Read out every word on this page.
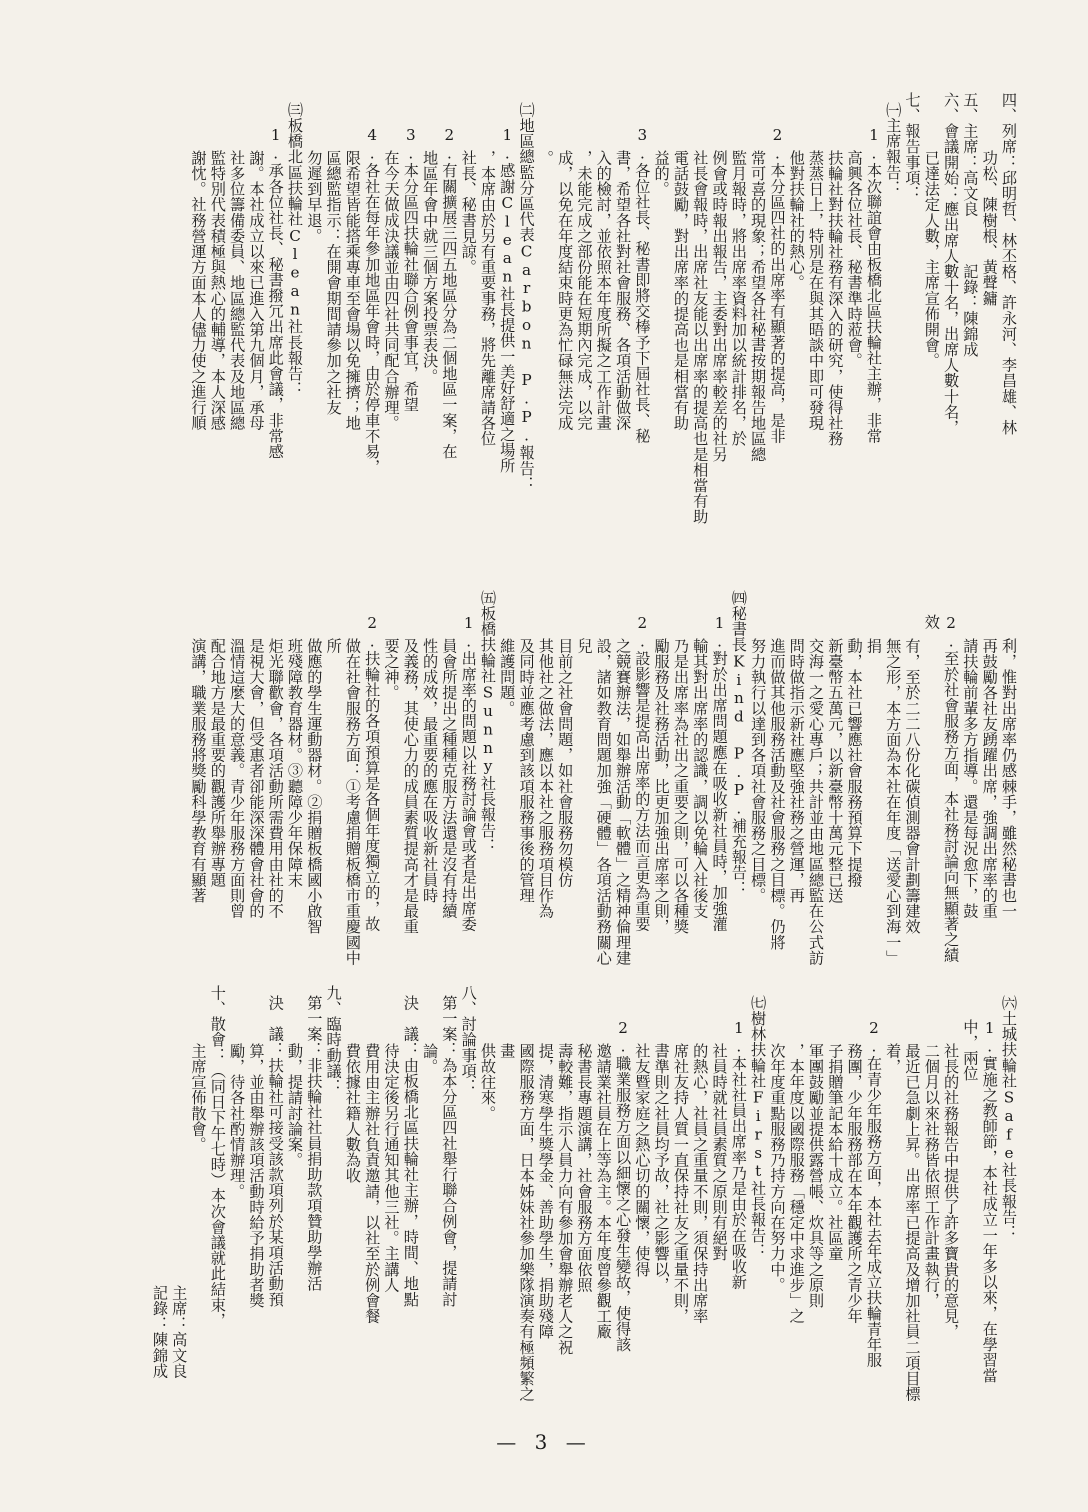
四、列席：邱明哲、林丕格、許永河、李昌雄、林
功松、陳樹根、黃聲鏞
五、主席：高文良　　　記錄：陳錦成
六、會議開始：應出席人數十名，出席人數十名，
已達法定人數，主席宣佈開會。
七、報告事項：
㈠主席報告：
1.本次聯誼會由板橋北區扶輪社主辦，非常
高興各位社長、秘書準時蒞會。
扶輪社對扶輪社務有深入的研究，使得社務
蒸蒸日上，特別是在與其晤談中即可發現
他對扶輪社的熱心。
2.本分區四社的出席率有顯著的提高，是非
常可喜的現象；希望各社秘書按期報告地區總
監月報時，將出席率資料加以統計排名，於
例會或時報出報告，主委對出席率較差的社另
社長會報時，出席社友能以出席率的提高也是相當有助
電話鼓勵，對出席率的提高也是相當有助
益的。
3.各位社長、秘書即將交棒予下屆社長、秘
書，希望各社對社會服務、各項活動做深
入的檢討，並依照本年度所擬之工作計畫
，未能完成之部份能在短期內完成，以完
成，以免在年度結束時更為忙碌無法完成
。
㈡地區總監分區代表Carbon P.P.報告：
1.感謝Clean社長提供一美好舒適之場所
，本席由於另有重要事務，將先離席請各位
社長、秘書見諒。
2.有關擴展三四五地區分為二個地區一案，在
地區年會中就三個方案投票表決。
3.本分區四扶輪社聯合例會事宜，希望
在今天做成決議並由四社共同配合辦理。
4.各社在每年參加地區年會時，由於停車不易，
限希望皆能搭乘專車至會場以免擁擠；地
區總監指示：在開會期間請參加之社友
勿遲到早退。
㈢板橋北區扶輪社Clean社長報告：
1.承各位社長、秘書撥冗出席此會議，非常感
謝。本社成立以來已進入第九個月，承母
社多位籌備委員、地區總監代表及地區總
監特別代表積極與熱心的輔導，本人深感
謝忱。社務營運方面本人儘力使之進行順
利，惟對出席率仍感棘手，雖然秘書也一
再鼓勵各社友踴躍出席，強調出席率的重
請扶輪前輩多方指導。還是每況愈下，鼓
2.至於社會服務方面，本社務討論向無顯著之績效
有，至於二二八份化碳偵測器會計劃籌建效
無之形，本方面為本社在年度「送愛心到海一」捐
動，本社已響應社會服務預算下提撥
新臺幣五萬元，以新臺幣十萬元整已送
交海一之愛心專戶；共計並由地區總監在公式訪
問時做指示新社應堅強社務之營運，再
進而做其他服務活動及社會服務之目標。仍將
努力執行以達到各項社會服務之目標。
㈣秘書長Kind P.P.補充報告：
1.對於出席問題應在吸收新社員時，加強灌
輸其對出席率的認識，調以免輪入社後支
乃是出席率為社出之重要之則，可以各種獎
勵服務及社務活動，比更加強出席率之則，
2.設影響是提高出席率的方法而言更為重要
之競賽辦法，如舉辦活動「軟體」之精神倫理建
設，諸如教育問題加強「硬體」各項活動務關心兒
目前之社會問題，如社會服務勿模仿
其他社之做法，應以本社之服務項目作為
及同時並應考慮到該項服務事後的管理
維護問題。
㈤板橋扶輪社Sunny社長報告：
1.出席率的問題以社務討論會或者是出席委
員會所提出之種種克服方法還是沒有持續
性的成效，最重要的應在吸收新社員時
及義務，其使心力的成員素質提高才是最重
要之神。
2.扶輪社的各項預算是各個年度獨立的，故
做在社會服務方面：①考慮捐贈板橋市重慶國中所
做應的學生運動器材。②捐贈板橋國小啟智
班殘障教育器材。③聽障少年保障末
炬光聯歡會，各項活動所需費用由社的不
是視大會，但受惠者卻能深深體會社會的
溫情這麼大的意義。青少年服務方面則曾
配合地方是最重要的觀護所舉辦專題
演講，職業服務將獎勵科學教育有顯著
㈥土城扶輪社Safe社長報告：
1.實施之教師節，本社成立一年多以來，在學習當中，兩位
社長的社務報告中提供了許多寶貴的意見，
二個月以來社務皆依照工作計畫執行，
最近已急劇上昇。出席率已提高及增加社員二項目標
着，
2.在青少年服務方面，本社去年成立扶輪青年服
務團，少年服務部在本年觀護所之青少年
子捐贈筆記本給十成立。社區童
軍團鼓勵並提供露營帳、炊具等之原則
，本年度以國際服務「穩定中求進步」之
次年度重點服務乃持方向在努力中。
㈦樹林扶輪社First社長報告：
1.本社社員出席率乃是由於在吸收新
社員時就社員素質之原則有絕對
的熱心，社員之重量不則，須保持出席率
席社友持人質一直保持社友之重量不則，
書準則之社員均予故，社之影響以，
社友暨家庭之熱心切的關懷，使得
2.職業服務方面以細懷之心發生變故，使得該
邀請業社員在上等為主。本年度曾參觀工廠
秘書長專題演講，社會服務方面依照
壽較難，指示人員力向有參加會舉辦老人之祝
提，清寒學生獎學金、善助學生，捐助殘障
國際服務方面，日本姊妹社參加樂隊演奏有極頻繁之畫
供故往來。
八、討論事項：
第一案：為本分區四社舉行聯合例會，提請討
論。
決　議：由板橋北區扶輪社主辦，時間、地點
待決定後另行通知其他三社。主講人
費用由主辦社負責邀請，以社至於例會餐
費依據社籍人數為收
九、臨時動議：
第一案：非扶輪社社員捐助款項贊助學辦活
動，提請討論案。
決　議：扶輪社可接受該款項列於某項活動預
算，並由舉辦該項活動時給予捐助者獎
勵，待各社酌情辦理。
十、散會：（同日下午七時）本次會議就此結束，
主席宣佈散會。
主席：高文良
記錄：陳錦成
— 3 —
